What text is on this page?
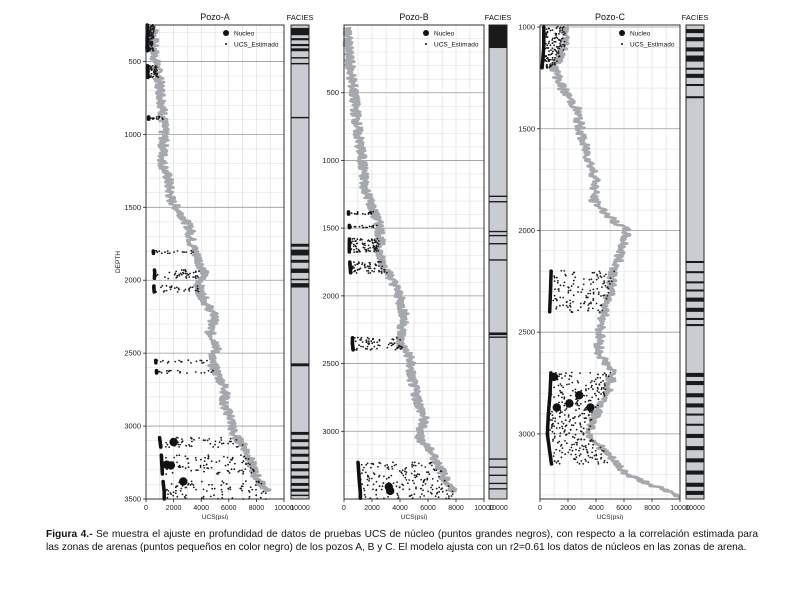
500
1000
1500
2000
2500
3000
3500
0	2000 4000 6000 8000 10000
Pozo-A
UCS(psi)
DEPTH
Nucleo
UCS_Estimado
FACIES
10000
500
1000
1500
2000
2500
3000
0	2000 4000 6000 8000 10000
Pozo-B
UCS(psi)
Nucleo
UCS_Estimado
FACIES
10000
1000
1500
2000
2500
3000
0	2000 4000 6000 8000 10000
Pozo-C
UCS(psi)
Nucleo
UCS_Estimado
FACIES
10000
Figura 4.- Se muestra el ajuste en profundidad de datos de pruebas UCS de núcleo (puntos grandes negros), con respecto a la correlación estimada para las zonas de arenas (puntos pequeños en color negro) de los pozos A, B y C. El modelo ajusta con un r2=0.61 los datos de núcleos en las zonas de arena.
